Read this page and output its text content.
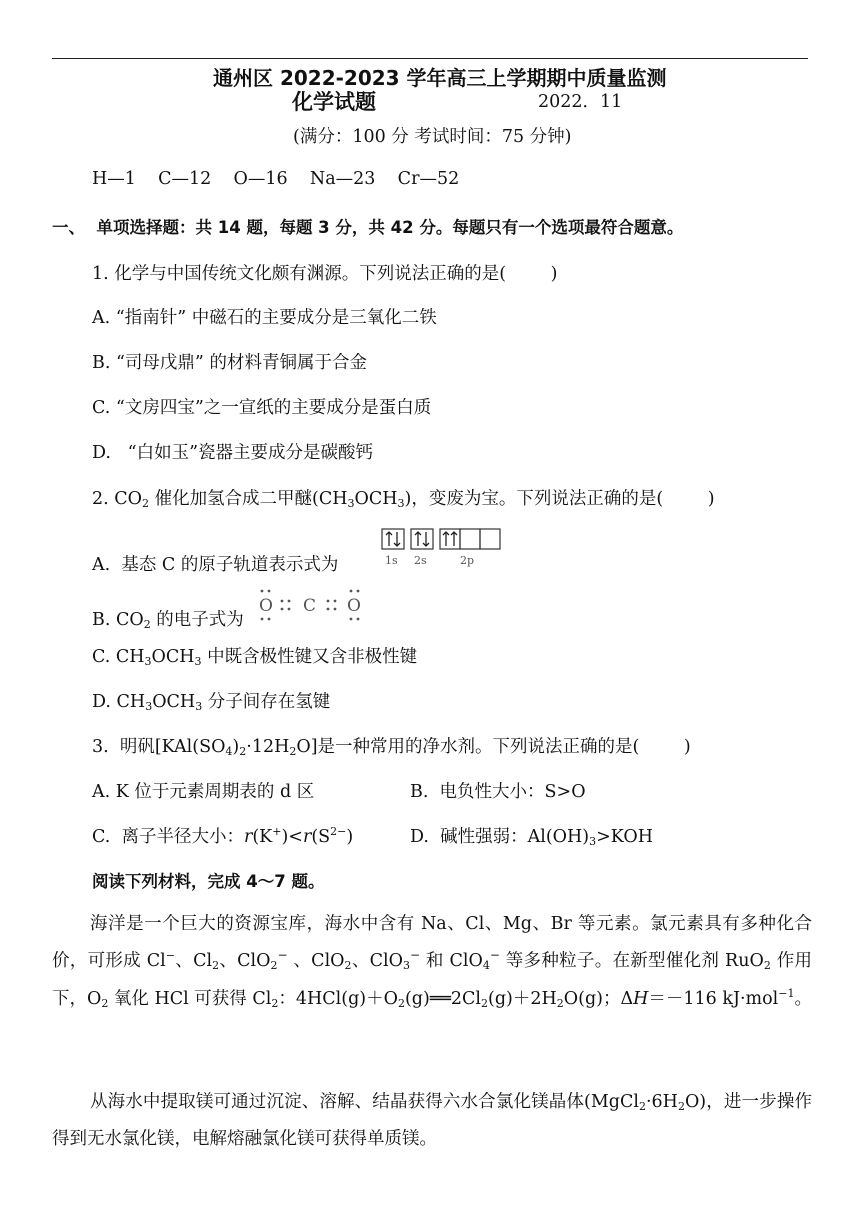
通州区 2022-2023 学年高三上学期期中质量监测
化学试题	2022．11
(满分：100 分 考试时间：75 分钟)
H—1    C—12    O—16    Na—23    Cr—52
一、  单项选择题：共 14 题，每题 3 分，共 42 分。每题只有一个选项最符合题意。
1. 化学与中国传统文化颇有渊源。下列说法正确的是(        )
A. “指南针” 中磁石的主要成分是三氧化二铁
B. “司母戊鼎” 的材料青铜属于合金
C. “文房四宝”之一宣纸的主要成分是蛋白质
D.   “白如玉”瓷器主要成分是碳酸钙
2. $CO_2$ 催化加氢合成二甲醚$(CH_3OCH_3)$，变废为宝。下列说法正确的是(        )
A.  基态 C 的原子轨道表示式为	1s 2s	2p
B. $CO_2$ 的电子式为
O C O
C. $CH_3OCH_3$ 中既含极性键又含非极性键
D. $CH_3OCH_3$ 分子间存在氢键
3.  明矾$[KAl(SO_4)_2\cdot 12H_2O]$是一种常用的净水剂。下列说法正确的是(        )
A. K 位于元素周期表的 d 区	B.  电负性大小：S>O
C.  离子半径大小：$r(K^+)<r(S^{2-})$	D.  碱性强弱：$Al(OH)_3>KOH$
阅读下列材料，完成 4～7 题。
海洋是一个巨大的资源宝库，海水中含有 Na、Cl、Mg、Br 等元素。氯元素具有多种化合价，可形成 Cl−、$Cl_2$、ClO$_2$− 、ClO$_2$、ClO$_3$− 和 ClO$_4$− 等多种粒子。在新型催化剂 RuO$_2$ 作用下，$O_2$ 氧化 HCl 可获得 $Cl_2$：$4HCl(g)+O_2(g)══2Cl_2(g)+2H_2O(g)$；ΔH＝－116 kJ·mol$^{-1}$。
从海水中提取镁可通过沉淀、溶解、结晶获得六水合氯化镁晶体$(MgCl_2\cdot 6H_2O)$，进一步操作得到无水氯化镁，电解熔融氯化镁可获得单质镁。
